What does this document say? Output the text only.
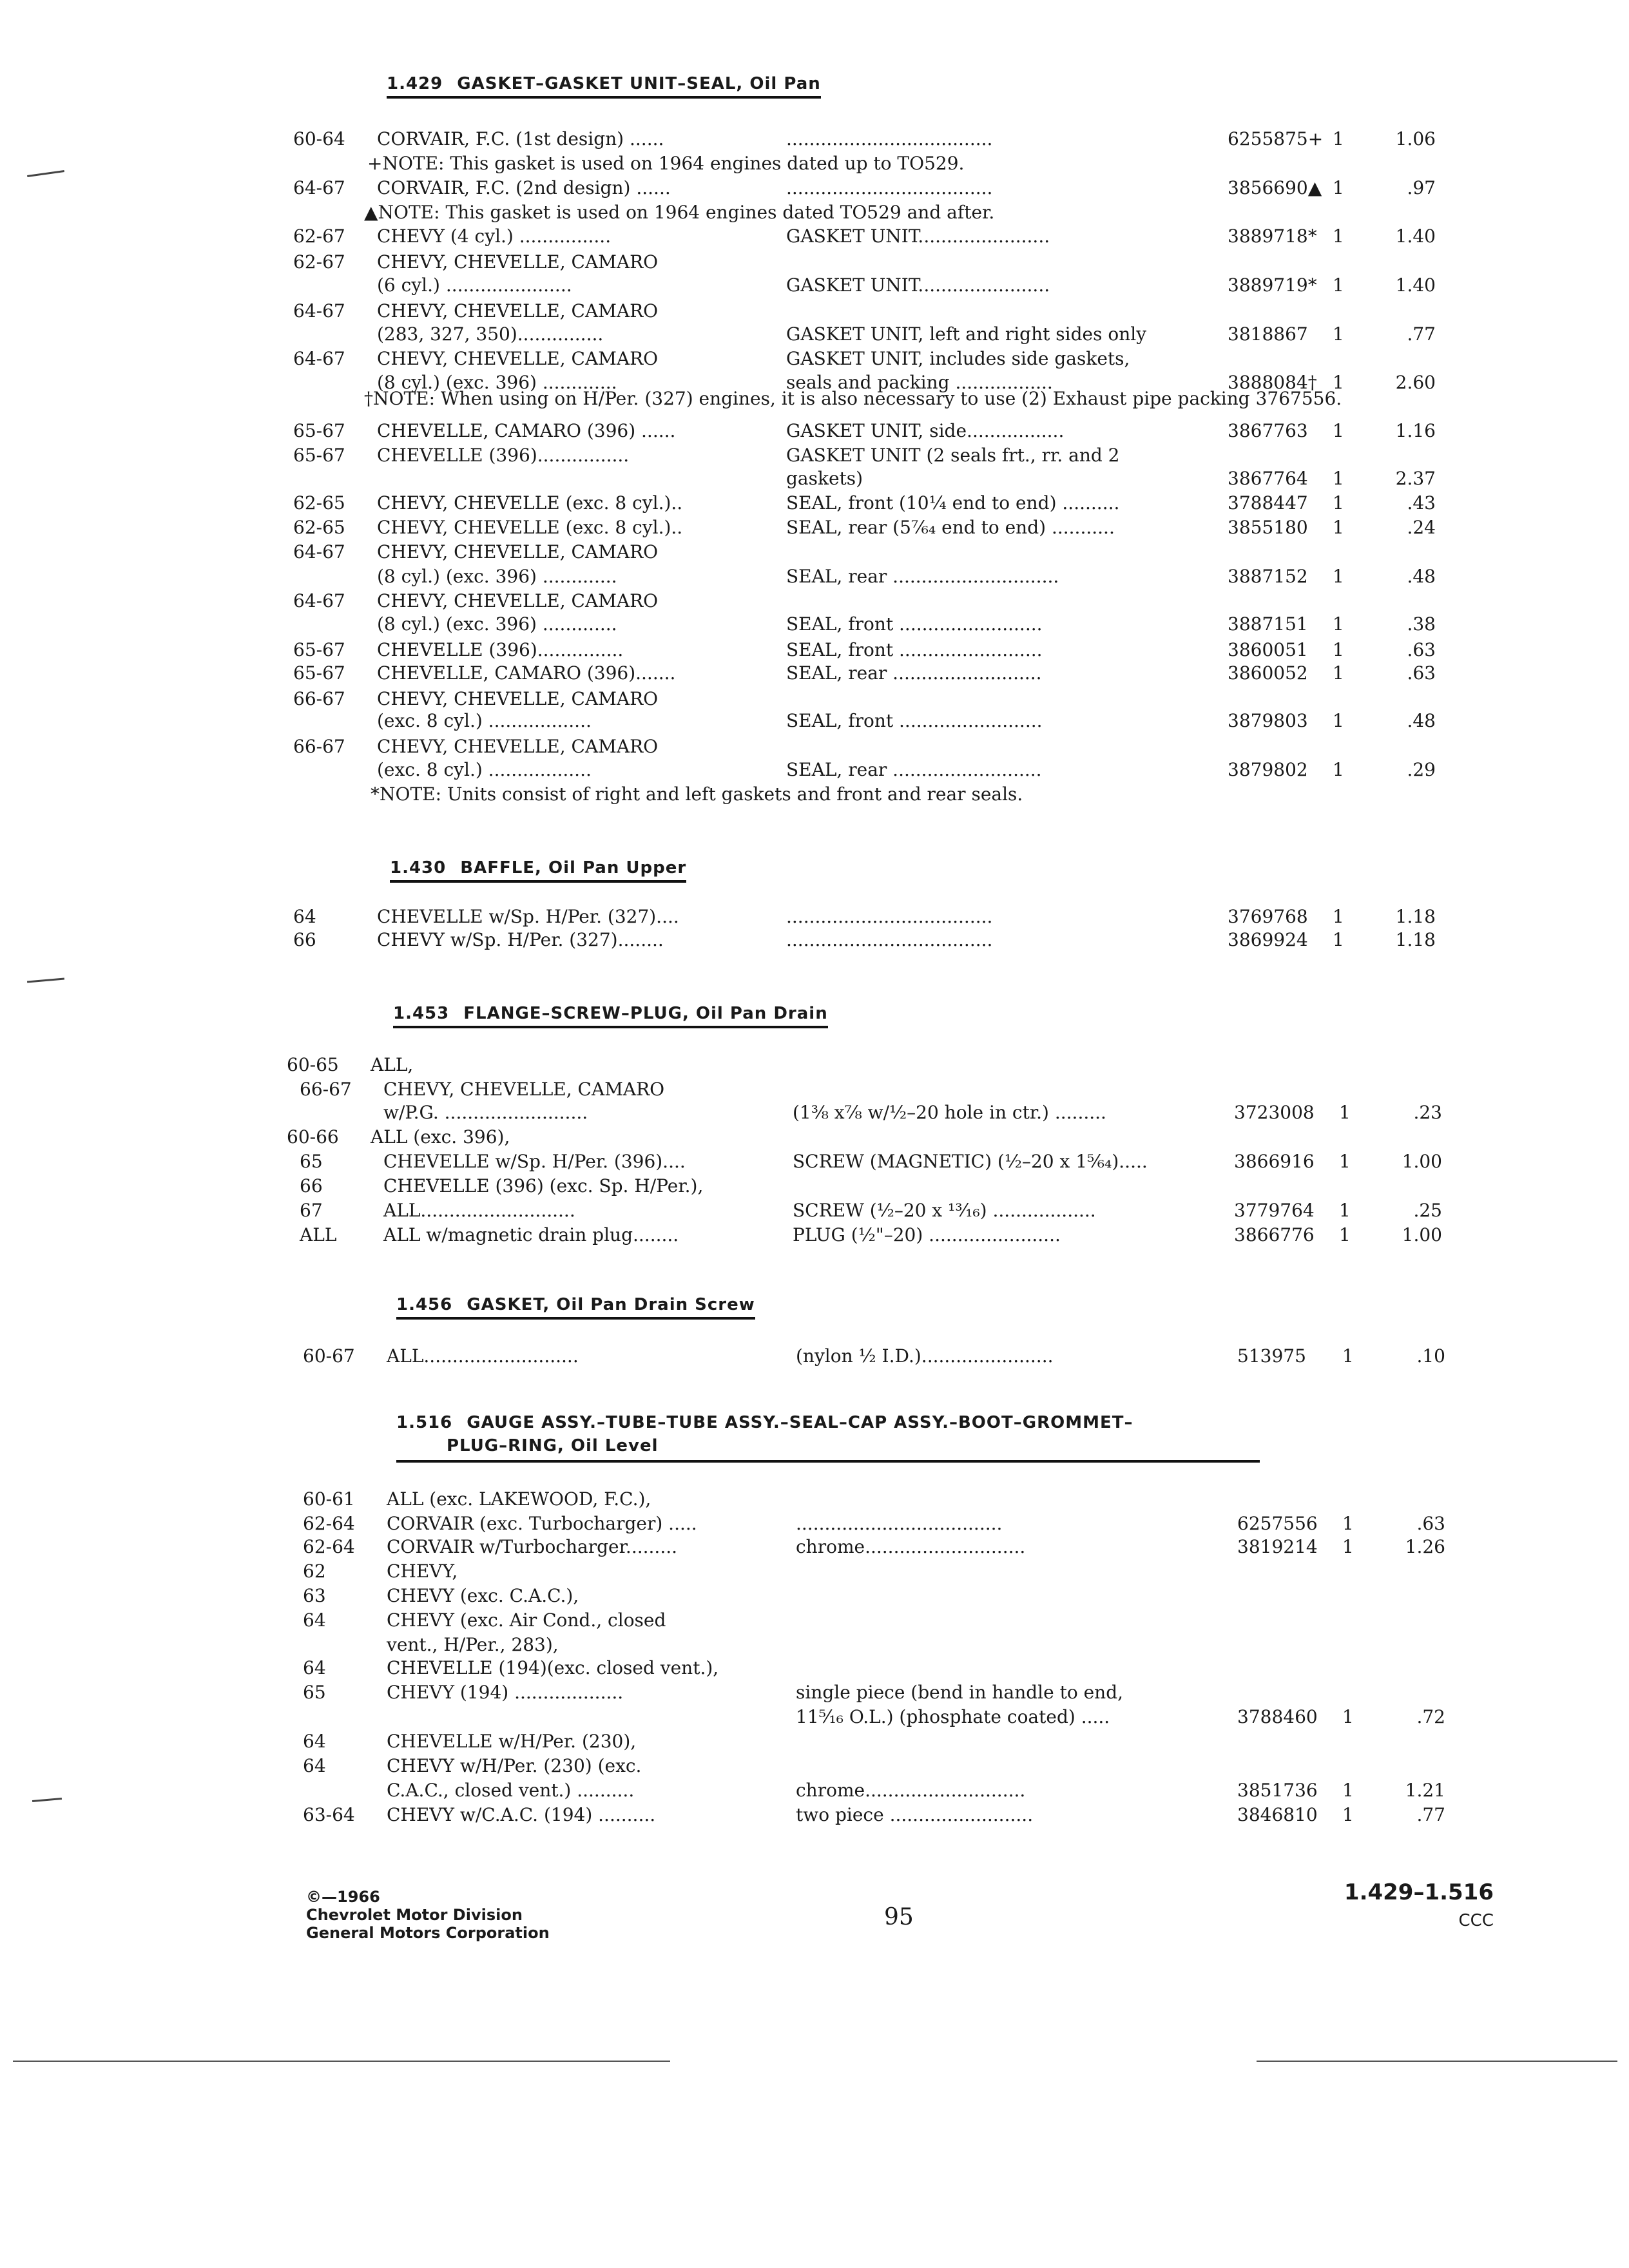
1.429 GASKET–GASKET UNIT–SEAL, Oil Pan
1.430 BAFFLE, Oil Pan Upper
1.453 FLANGE–SCREW–PLUG, Oil Pan Drain
1.456 GASKET, Oil Pan Drain Screw
1.516 GAUGE ASSY.–TUBE–TUBE ASSY.–SEAL–CAP ASSY.–BOOT–GROMMET–
PLUG–RING, Oil Level
+NOTE: This gasket is used on 1964 engines dated up to TO529.
▲NOTE: This gasket is used on 1964 engines dated TO529 and after.
†NOTE: When using on H/Per. (327) engines, it is also necessary to use (2) Exhaust pipe packing 3767556.
*NOTE: Units consist of right and left gaskets and front and rear seals.
60-64 CORVAIR, F.C. (1st design) ......	....................................	6255875+ 1	1.06
64-67 CORVAIR, F.C. (2nd design) ......	....................................	3856690▲ 1	.97
62-67 CHEVY (4 cyl.) ................	GASKET UNIT.......................	3889718* 1	1.40
62-67 CHEVY, CHEVELLE, CAMARO
(6 cyl.) ......................	GASKET UNIT.......................	3889719* 1	1.40
64-67 CHEVY, CHEVELLE, CAMARO
(283, 327, 350)...............	GASKET UNIT, left and right sides only	3818867 1	.77
64-67 CHEVY, CHEVELLE, CAMARO	GASKET UNIT, includes side gaskets,
(8 cyl.) (exc. 396) .............	seals and packing .................	3888084† 1	2.60
65-67 CHEVELLE, CAMARO (396) ......	GASKET UNIT, side.................	3867763 1	1.16
65-67 CHEVELLE (396)................	GASKET UNIT (2 seals frt., rr. and 2
gaskets)	3867764 1	2.37
62-65 CHEVY, CHEVELLE (exc. 8 cyl.)..	SEAL, front (10¼ end to end) ..........	3788447 1	.43
62-65 CHEVY, CHEVELLE (exc. 8 cyl.)..	SEAL, rear (5⁷⁄₆₄ end to end) ...........	3855180 1	.24
64-67 CHEVY, CHEVELLE, CAMARO
(8 cyl.) (exc. 396) .............	SEAL, rear .............................	3887152 1	.48
64-67 CHEVY, CHEVELLE, CAMARO
(8 cyl.) (exc. 396) .............	SEAL, front .........................	3887151 1	.38
65-67 CHEVELLE (396)...............	SEAL, front .........................	3860051 1	.63
65-67 CHEVELLE, CAMARO (396).......	SEAL, rear ..........................	3860052 1	.63
66-67 CHEVY, CHEVELLE, CAMARO
(exc. 8 cyl.) ..................	SEAL, front .........................	3879803 1	.48
66-67 CHEVY, CHEVELLE, CAMARO
(exc. 8 cyl.) ..................	SEAL, rear ..........................	3879802 1	.29
64	CHEVELLE w/Sp. H/Per. (327)....	....................................	3769768 1	1.18
66	CHEVY w/Sp. H/Per. (327)........	....................................	3869924 1	1.18
60-65 ALL,
66-67 CHEVY, CHEVELLE, CAMARO
w/P.G. .........................	(1⅜ x⅞ w/½–20 hole in ctr.) .........	3723008 1	.23
60-66 ALL (exc. 396),
65	CHEVELLE w/Sp. H/Per. (396)....	SCREW (MAGNETIC) (½–20 x 1⁵⁄₆₄).....	3866916 1	1.00
66	CHEVELLE (396) (exc. Sp. H/Per.),
67	ALL...........................	SCREW (½–20 x ¹³⁄₁₆) ..................	3779764 1	.25
ALL	ALL w/magnetic drain plug........	PLUG (½"–20) .......................	3866776 1	1.00
60-67 ALL...........................	(nylon ½ I.D.).......................	513975 1	.10
60-61 ALL (exc. LAKEWOOD, F.C.),
62-64 CORVAIR (exc. Turbocharger) .....	....................................	6257556 1	.63
62-64 CORVAIR w/Turbocharger.........	chrome............................	3819214 1	1.26
62	CHEVY,
63	CHEVY (exc. C.A.C.),
64	CHEVY (exc. Air Cond., closed
vent., H/Per., 283),
64	CHEVELLE (194)(exc. closed vent.),
65	CHEVY (194) ...................	single piece (bend in handle to end,
11⁵⁄₁₆ O.L.) (phosphate coated) .....	3788460 1	.72
64	CHEVELLE w/H/Per. (230),
64	CHEVY w/H/Per. (230) (exc.
C.A.C., closed vent.) ..........	chrome............................	3851736 1	1.21
63-64 CHEVY w/C.A.C. (194) ..........	two piece .........................	3846810 1	.77
©—1966
Chevrolet Motor Division
General Motors Corporation
95
1.429–1.516
CCC
